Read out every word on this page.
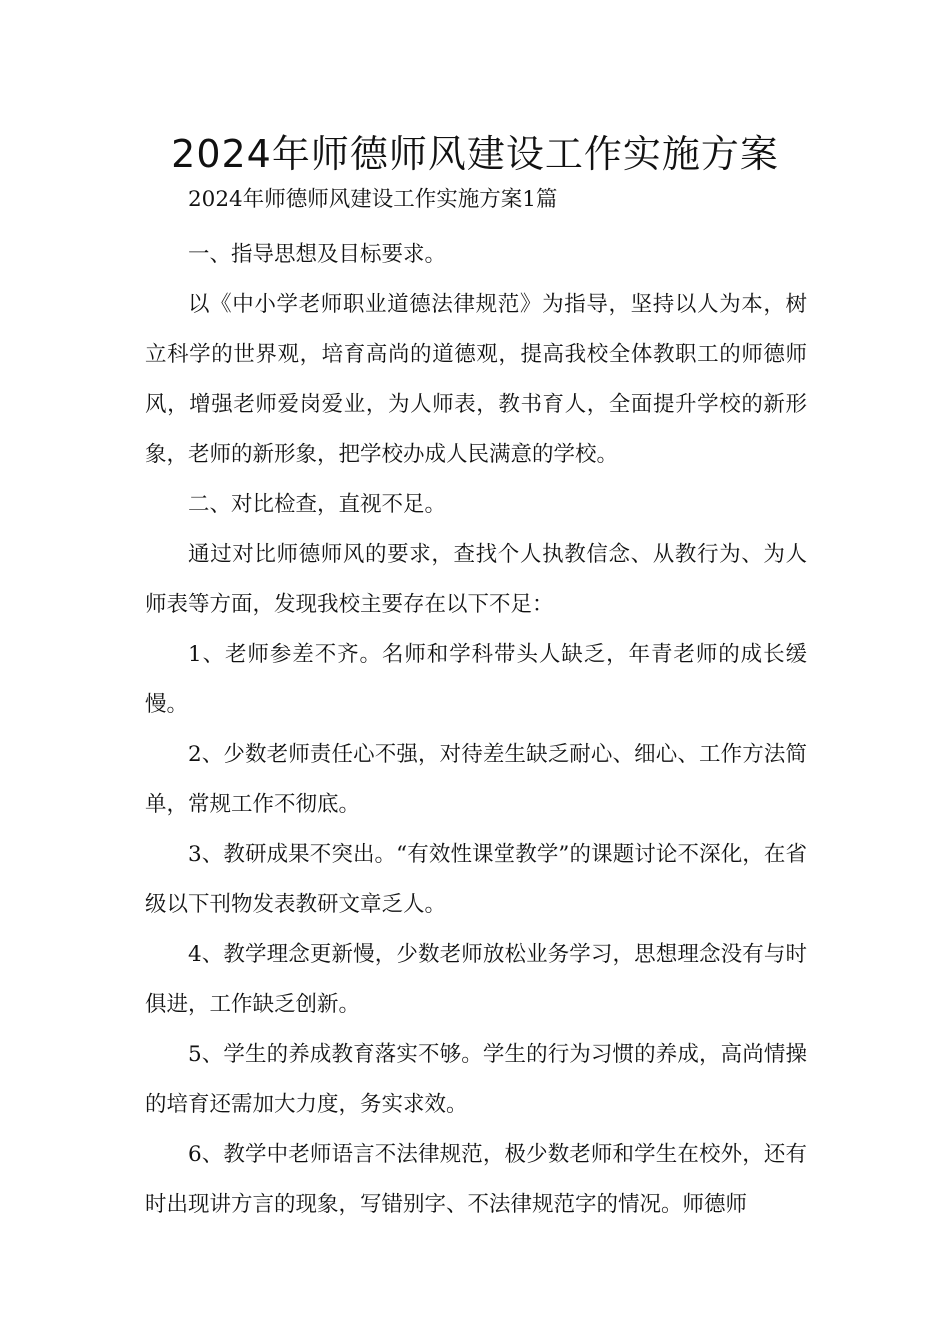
2024年师德师风建设工作实施方案

2024年师德师风建设工作实施方案1篇

一、指导思想及目标要求。

以《中小学老师职业道德法律规范》为指导，坚持以人为本，树立科学的世界观，培育高尚的道德观，提高我校全体教职工的师德师风，增强老师爱岗爱业，为人师表，教书育人，全面提升学校的新形象，老师的新形象，把学校办成人民满意的学校。

二、对比检查，直视不足。

通过对比师德师风的要求，查找个人执教信念、从教行为、为人师表等方面，发现我校主要存在以下不足：

1、老师参差不齐。名师和学科带头人缺乏，年青老师的成长缓慢。

2、少数老师责任心不强，对待差生缺乏耐心、细心、工作方法简单，常规工作不彻底。

3、教研成果不突出。“有效性课堂教学”的课题讨论不深化，在省级以下刊物发表教研文章乏人。

4、教学理念更新慢，少数老师放松业务学习，思想理念没有与时俱进，工作缺乏创新。

5、学生的养成教育落实不够。学生的行为习惯的养成，高尚情操的培育还需加大力度，务实求效。

6、教学中老师语言不法律规范，极少数老师和学生在校外，还有时出现讲方言的现象，写错别字、不法律规范字的情况。师德师
